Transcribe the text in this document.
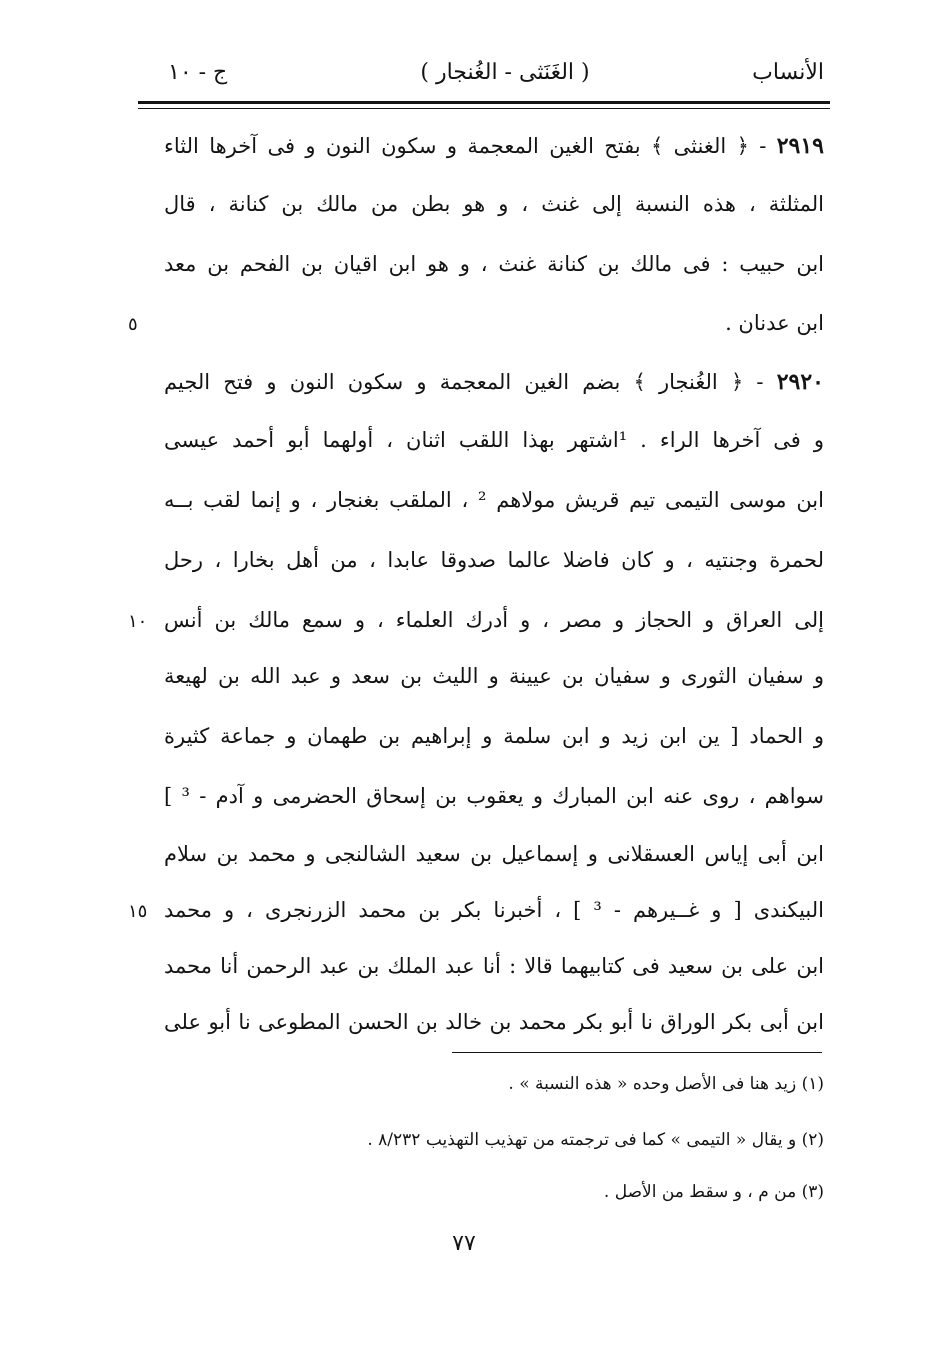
الأنساب
( الغَنَثى - الغُنجار )
ج - ١٠
٢٩١٩ - ﴿ الغنثى ﴾ بفتح الغين المعجمة و سكون النون و فى آخرها الثاء
المثلثة ، هذه النسبة إلى غنث ، و هو بطن من مالك بن كنانة ، قال
ابن حبيب : فى مالك بن كنانة غنث ، و هو ابن اقيان بن الفحم بن معد
ابن عدنان .
٢٩٢٠ - ﴿ الغُنجار ﴾ بضم الغين المعجمة و سكون النون و فتح الجيم
و فى آخرها الراء . ¹اشتهر بهذا اللقب اثنان ، أولهما أبو أحمد عيسى
ابن موسى التيمى تيم قريش مولاهم ² ، الملقب بغنجار ، و إنما لقب بــه
لحمرة وجنتيه ، و كان فاضلا عالما صدوقا عابدا ، من أهل بخارا ، رحل
إلى العراق و الحجاز و مصر ، و أدرك العلماء ، و سمع مالك بن أنس
و سفيان الثورى و سفيان بن عيينة و الليث بن سعد و عبد الله بن لهيعة
و الحماد [ ين ابن زيد و ابن سلمة و إبراهيم بن طهمان و جماعة كثيرة
سواهم ، روى عنه ابن المبارك و يعقوب بن إسحاق الحضرمى و آدم - ³ ]
ابن أبى إياس العسقلانى و إسماعيل بن سعيد الشالنجى و محمد بن سلام
البيكندى [ و غــيرهم - ³ ] ، أخبرنا بكر بن محمد الزرنجرى ، و محمد
ابن على بن سعيد فى كتابيهما قالا : أنا عبد الملك بن عبد الرحمن أنا محمد
ابن أبى بكر الوراق نا أبو بكر محمد بن خالد بن الحسن المطوعى نا أبو على
٥
١٠
١٥
(١) زيد هنا فى الأصل وحده « هذه النسبة » .
(٢) و يقال « التيمى » كما فى ترجمته من تهذيب التهذيب ٨/٢٣٢ .
(٣) من م ، و سقط من الأصل .
٧٧
